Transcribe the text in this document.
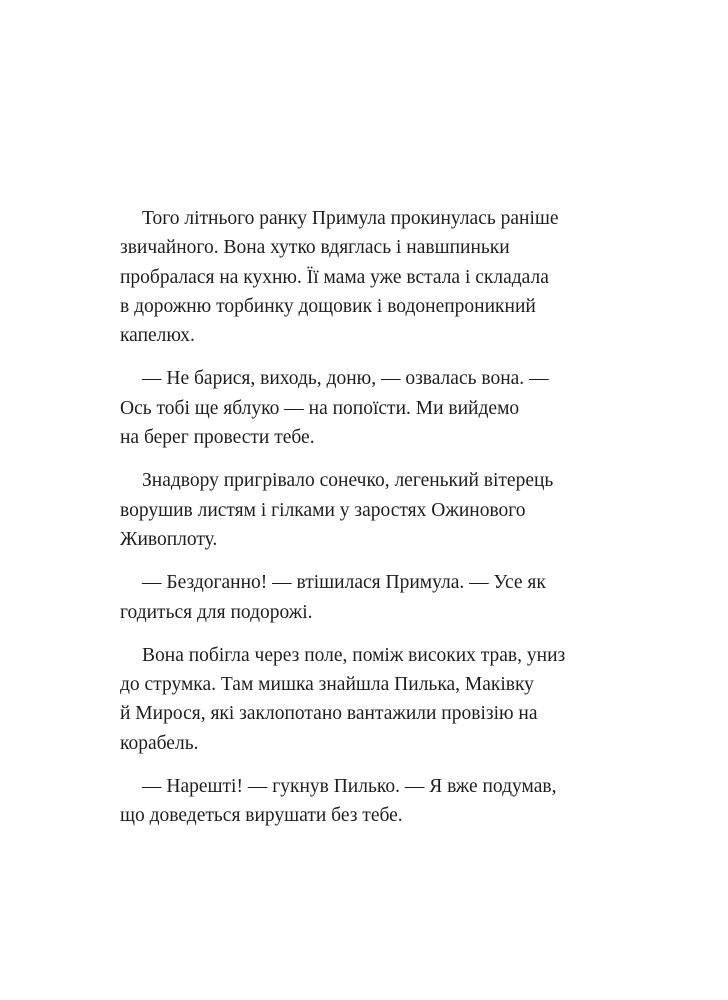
Того літнього ранку Примула прокинулась раніше
звичайного. Вона хутко вдяглась і навшпиньки
пробралася на кухню. Її мама уже встала і складала
в дорожню торбинку дощовик і водонепроникний
капелюх.
— Не барися, виходь, доню, — озвалась вона. —
Ось тобі ще яблуко — на попоїсти. Ми вийдемо
на берег провести тебе.
Знадвору пригрівало сонечко, легенький вітерець
ворушив листям і гілками у заростях Ожинового
Живоплоту.
— Бездоганно! — втішилася Примула. — Усе як
годиться для подорожі.
Вона побігла через поле, поміж високих трав, униз
до струмка. Там мишка знайшла Пилька, Маківку
й Мирося, які заклопотано вантажили провізію на
корабель.
— Нарешті! — гукнув Пилько. — Я вже подумав,
що доведеться вирушати без тебе.
